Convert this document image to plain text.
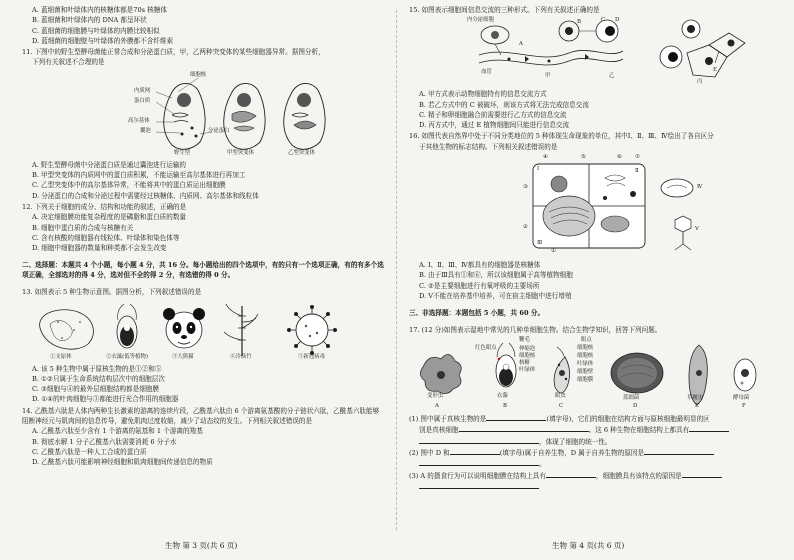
A. 蓝细菌和叶绿体内的核糖体都是70s 核糖体

B. 蓝细菌和叶绿体内的 DNA 都呈环状

C. 蓝细菌的细胞膜与叶绿体的内膜比较相似

D. 蓝细菌的细胞壁与叶绿体的外膜都不含纤维素

11. 下图中的野生型酵母菌能正常合成和分泌蛋白质，甲，乙两种突变体的某些细胞器异常。据图分析，

下列有关叙述不合理的是

细胞核
内质网
蛋白质
高尔基体
囊泡	分泌蛋白
野生型	甲型突变体	乙型突变体

A. 野生型酵母菌中分泌蛋白质是通过囊泡进行运输的

B. 甲型突变体的内质网中的蛋白质积累，不能运输至高尔基体进行再加工

C. 乙型突变体中的高尔基体异常，不能将其中的蛋白质运出细胞膜

D. 分泌蛋白的合成和分泌过程中需要经过核糖体、内质网、高尔基体和线粒体

12. 下列关于细胞的成分、结构和功能的叙述，正确的是

A. 决定细胞膜功能复杂程度的是磷脂和蛋白质的数量

B. 细胞中蛋白质的合成与核糖有关

C. 含有核酸的细胞器有线粒体、叶绿体和染色体等

D. 细胞中细胞器的数量和种类都不会发生改变

二、选择题：本题共 4 个小题，每小题 4 分，共 16 分。每小题给出的四个选项中，有的只有一个选项正确，有的有多个选项正确，全部选对的得 4 分，选对但不全的得 2 分，有选错的得 0 分。

13. 如图表示 5 种生物示意图。据图分析，下列叙述错误的是

①支原体	②衣藻(低等植物)	③大熊猫	④冷箭竹	⑤新冠病毒

A. 该 5 种生物中属于原核生物的是①②和⑤

B. ①②只属于生命系统结构层次中的细胞层次

C. ③细胞与④的最外层细胞结构都是细胞膜

D. ①④的叶肉细胞与③都能进行光合作用的细胞器

14. 乙酰基六肽是人体内两种生长激素的游离的连续片段，乙酰基六肽由 6 个游离氨基酸的分子链状六肽，乙酰基六肽能够阻断神经元与肌肉间的信息传导，避免肌肉过度收缩，减少了动态纹的发生。下列相关叙述错误的是

A. 乙酰基六肽至少含有 1 个游离的氨基和 1 个游离的羧基

B. 彻底水解 1 分子乙酰基六肽需要消耗 6 分子水

C. 乙酰基六肽是一种人工合成的蛋白质

D. 乙酰基六肽可能影响神经细胞和肌肉细胞间传递信息的物质

生物 第 3 页(共 6 页)

15. 如图表示细胞间信息交流的三种形式。下列有关叙述正确的是

内分泌细胞
A
B	C D
E
血管
甲	乙
丙

A. 甲方式表示动物细胞特有的信息交流方式

B. 若乙方式中的 C 被破坏，则该方式将无法完成信息交流

C. 精子和卵细胞融合前需要进行乙方式的信息交流

D. 丙方式中，通过 E 植物细胞间只能进行信息交流

16. 如图代表自然界中处于不同分类地位的 5 种体现生命现象的单位，其中Ⅰ、Ⅱ、Ⅲ、Ⅳ绘出了各自区分

于其他生物的标志结构。下列相关叙述错误的是

④	⑤	⑥ ⑦
③
②
①
Ⅰ	Ⅱ
Ⅲ
Ⅳ
Ⅴ

A. Ⅰ、Ⅱ、Ⅲ、Ⅳ都具有的细胞器是核糖体

B. 由于Ⅲ具有①和⑥，所以该细胞属于高等植物细胞

C. ②是主要细胞进行有氧呼吸的主要场所

D. Ⅴ不能在培养基中培养，可在宿主细胞中进行增殖

三、非选择题：本题包括 5 小题，共 60 分。

17. (12 分)如图表示湿地中常见的几种单细胞生物。结合生物学知识，回答下列问题。

鞭毛
红色眼点	伸缩泡
细胞核
核糖
叶绿体
细胞核
眼点
细胞核
叶绿体
细胞壁
细胞膜
变形虫	衣藻	眼虫	蓝细菌	草履虫	酵母菌
A	B	C	D	E	F

(1) 图中属于真核生物的是	(填字母)，它们的细胞在结构方面与原核细胞最明显的区

别是真核细胞	。这 6 种生物在细胞结构上都具有

，体现了细胞的统一性。

(2) 图中 D 和	(填字母)属于自养生物，D 属于自养生物的原因是

。

(3) A 的摄食行为可以说明细胞膜在结构上具有	，细胞膜具有该特点的原因是

生物 第 4 页(共 6 页)
